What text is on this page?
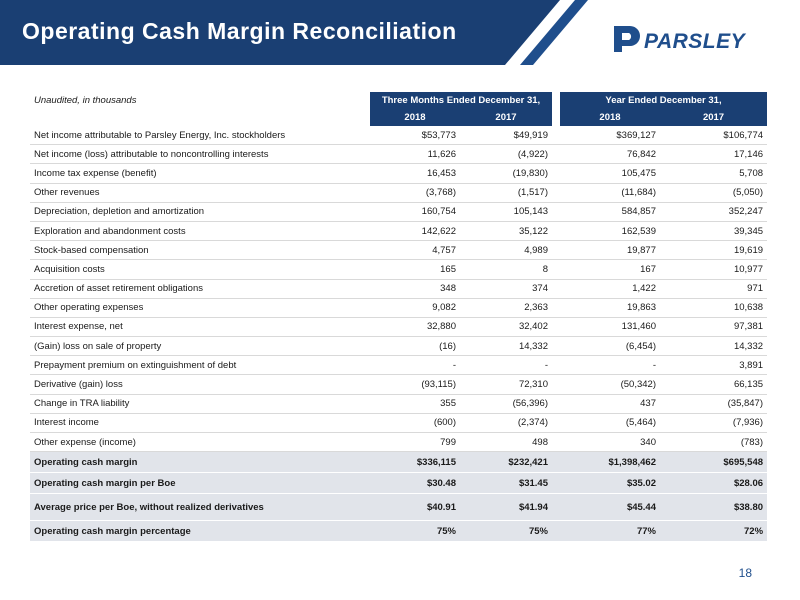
Operating Cash Margin Reconciliation	PARSLEY
Unaudited, in thousands	Three Months Ended December 31,			Year Ended December 31,	
	2018	2017		2018	2017
Net income attributable to Parsley Energy, Inc. stockholders	$53,773	$49,919		$369,127	$106,774
Net income (loss) attributable to noncontrolling interests	11,626	(4,922)		76,842	17,146
Income tax expense (benefit)	16,453	(19,830)		105,475	5,708
Other revenues	(3,768)	(1,517)		(11,684)	(5,050)
Depreciation, depletion and amortization	160,754	105,143		584,857	352,247
Exploration and abandonment costs	142,622	35,122		162,539	39,345
Stock-based compensation	4,757	4,989		19,877	19,619
Acquisition costs	165	8		167	10,977
Accretion of asset retirement obligations	348	374		1,422	971
Other operating expenses	9,082	2,363		19,863	10,638
Interest expense, net	32,880	32,402		131,460	97,381
(Gain) loss on sale of property	(16)	14,332		(6,454)	14,332
Prepayment premium on extinguishment of debt	-	-		-	3,891
Derivative (gain) loss	(93,115)	72,310		(50,342)	66,135
Change in TRA liability	355	(56,396)		437	(35,847)
Interest income	(600)	(2,374)		(5,464)	(7,936)
Other expense (income)	799	498		340	(783)
Operating cash margin	$336,115	$232,421		$1,398,462	$695,548
Operating cash margin per Boe	$30.48	$31.45		$35.02	$28.06
Average price per Boe, without realized derivatives	$40.91	$41.94		$45.44	$38.80
Operating cash margin percentage	75%	75%		77%	72%
18
